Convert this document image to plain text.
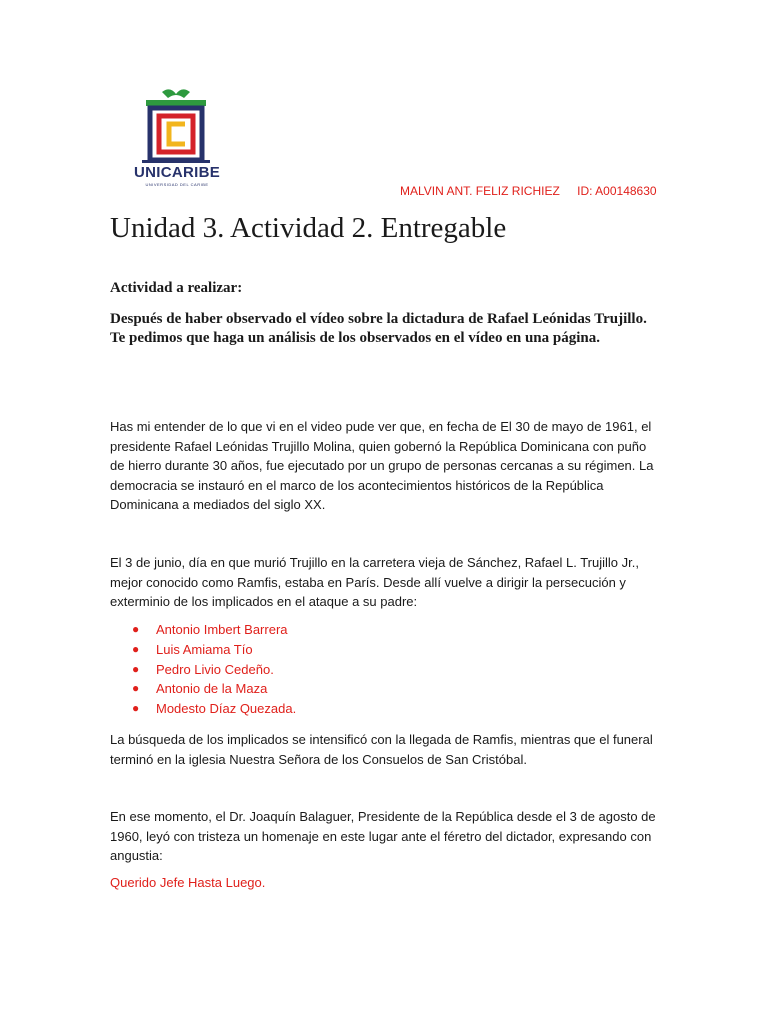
UNICARIBE
UNIVERSIDAD DEL CARIBE	MALVIN ANT. FELIZ RICHIEZ ID: A00148630
Unidad 3. Actividad 2. Entregable
Actividad a realizar:

Después de haber observado el vídeo sobre la dictadura de Rafael Leónidas Trujillo. Te pedimos que haga un análisis de los observados en el vídeo en una página.

Has mi entender de lo que vi en el video pude ver que, en fecha de El 30 de mayo de 1961, el presidente Rafael Leónidas Trujillo Molina, quien gobernó la República Dominicana con puño de hierro durante 30 años, fue ejecutado por un grupo de personas cercanas a su régimen. La democracia se instauró en el marco de los acontecimientos históricos de la República Dominicana a mediados del siglo XX.

El 3 de junio, día en que murió Trujillo en la carretera vieja de Sánchez, Rafael L. Trujillo Jr., mejor conocido como Ramfis, estaba en París. Desde allí vuelve a dirigir la persecución y exterminio de los implicados en el ataque a su padre:

● Antonio Imbert Barrera
● Luis Amiama Tío
● Pedro Livio Cedeño.
● Antonio de la Maza
● Modesto Díaz Quezada.

La búsqueda de los implicados se intensificó con la llegada de Ramfis, mientras que el funeral terminó en la iglesia Nuestra Señora de los Consuelos de San Cristóbal.

En ese momento, el Dr. Joaquín Balaguer, Presidente de la República desde el 3 de agosto de 1960, leyó con tristeza un homenaje en este lugar ante el féretro del dictador, expresando con angustia:

Querido Jefe Hasta Luego.
